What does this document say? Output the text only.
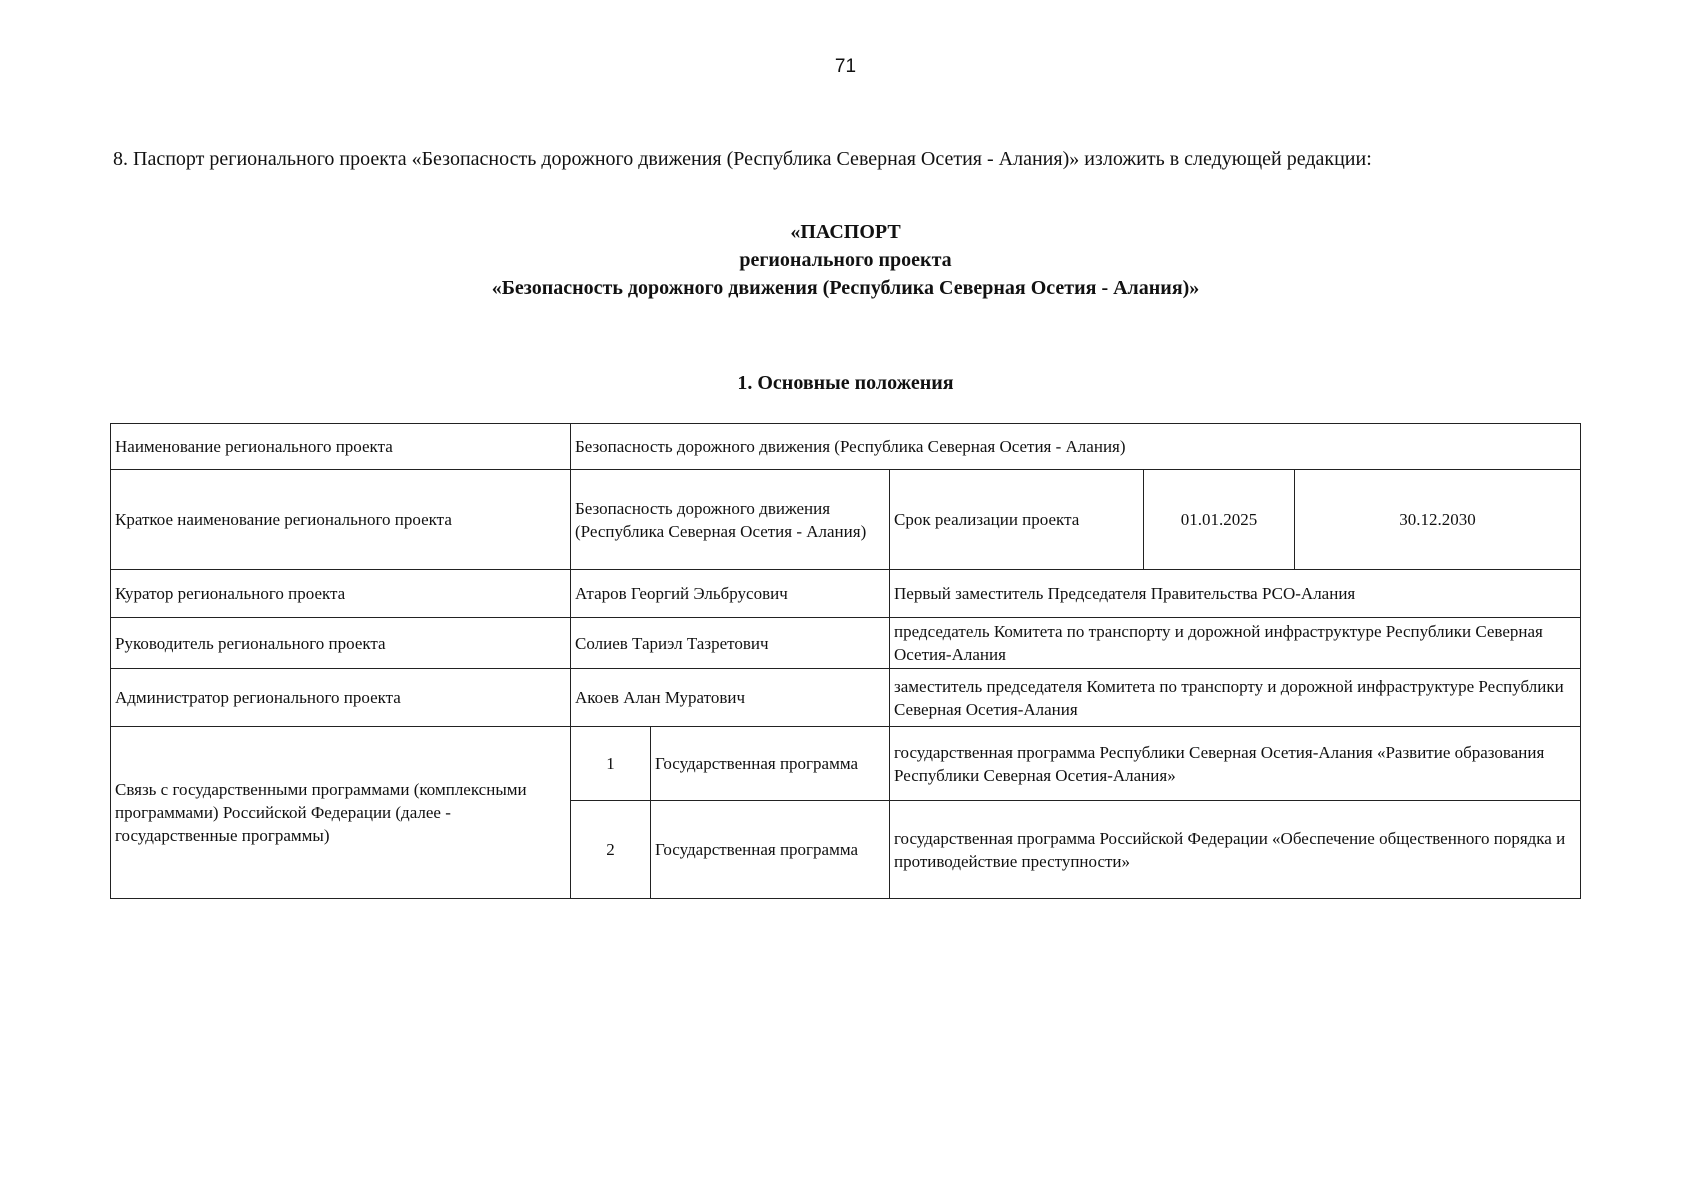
71
8. Паспорт регионального проекта «Безопасность дорожного движения (Республика Северная Осетия - Алания)» изложить в следующей редакции:
«ПАСПОРТ
регионального проекта
«Безопасность дорожного движения (Республика Северная Осетия - Алания)»
1. Основные положения
Наименование регионального проекта	Безопасность дорожного движения (Республика Северная Осетия - Алания)				
Краткое наименование регионального проекта	Безопасность дорожного движения (Республика Северная Осетия - Алания)		Срок реализации проекта	01.01.2025	30.12.2030
Куратор регионального проекта	Атаров Георгий Эльбрусович		Первый заместитель Председателя Правительства РСО-Алания		
Руководитель регионального проекта	Солиев Тариэл Тазретович		председатель Комитета по транспорту и дорожной инфраструктуре Республики Северная Осетия-Алания		
Администратор регионального проекта	Акоев Алан Муратович		заместитель председателя Комитета по транспорту и дорожной инфраструктуре Республики Северная Осетия-Алания		
Связь с государственными программами (комплексными программами) Российской Федерации (далее - государственные программы)	1	Государственная программа	государственная программа Республики Северная Осетия-Алания «Развитие образования Республики Северная Осетия-Алания»		
	2	Государственная программа	государственная программа Российской Федерации «Обеспечение общественного порядка и противодействие преступности»		
